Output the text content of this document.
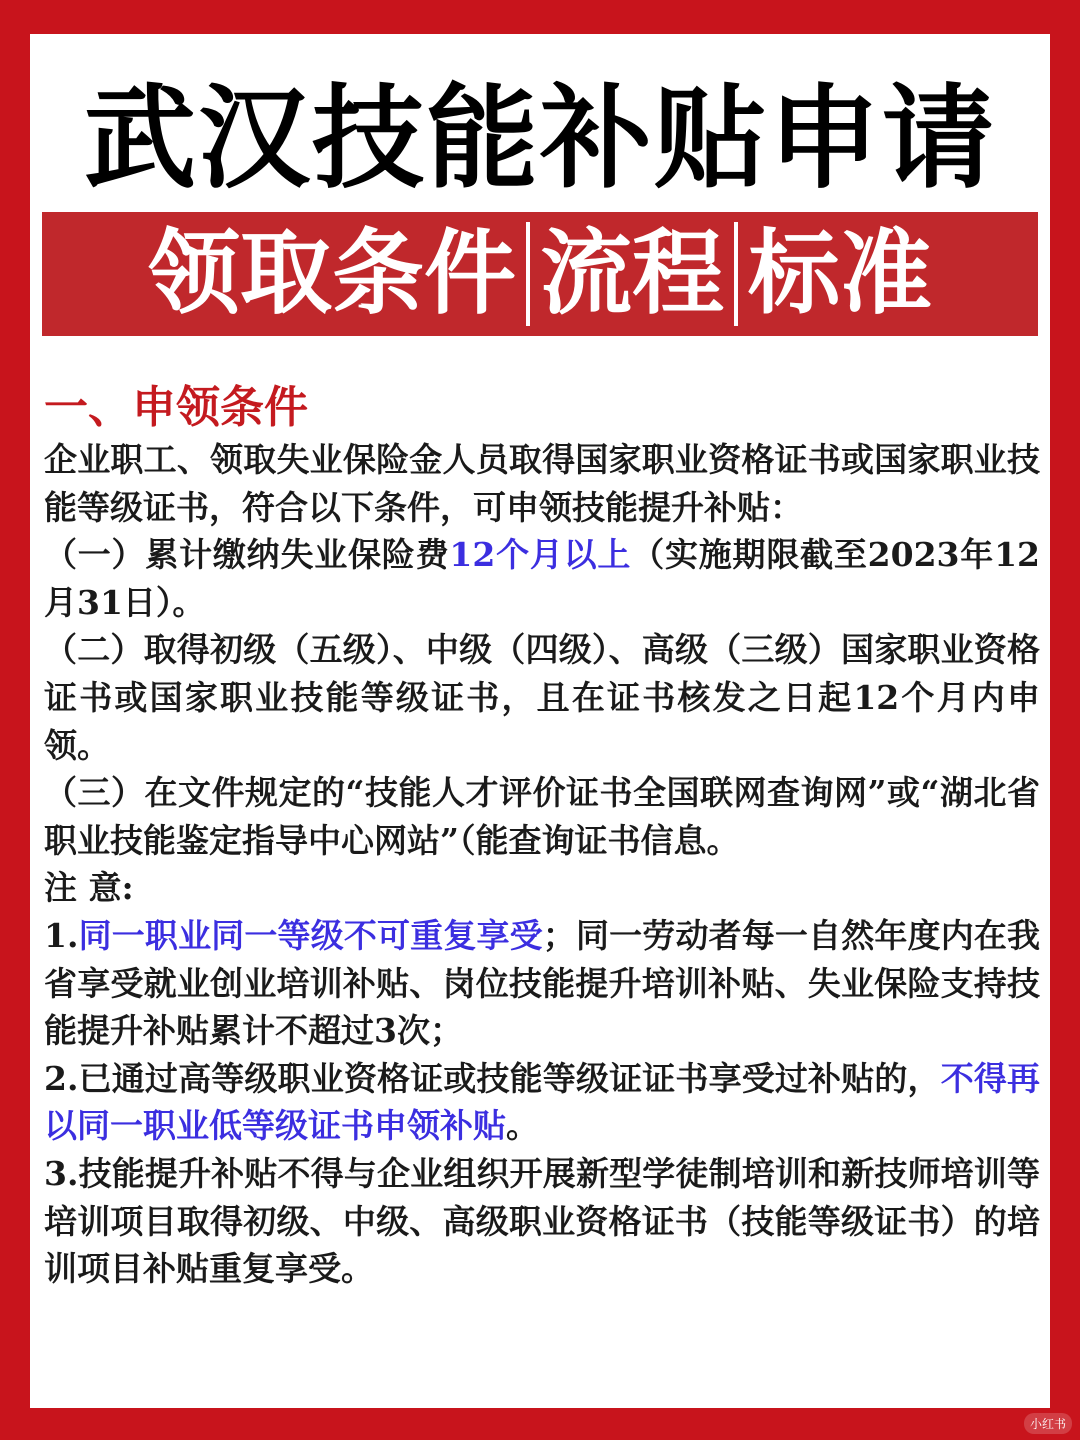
武汉技能补贴申请
领取条件 流程 标准
一、申领条件

企业职工、领取失业保险金人员取得国家职业资格证书或国家职业技能等级证书，符合以下条件，可申领技能提升补贴：

（一）累计缴纳失业保险费12个月以上（实施期限截至2023年12月31日）。

（二）取得初级（五级）、中级（四级）、高级（三级）国家职业资格证书或国家职业技能等级证书，且在证书核发之日起12个月内申领。

（三）在文件规定的“技能人才评价证书全国联网查询网”或“湖北省职业技能鉴定指导中心网站”（能查询证书信息。

注 意:

1.同一职业同一等级不可重复享受；同一劳动者每一自然年度内在我省享受就业创业培训补贴、岗位技能提升培训补贴、失业保险支持技能提升补贴累计不超过3次；

2.已通过高等级职业资格证或技能等级证证书享受过补贴的，不得再以同一职业低等级证书申领补贴。

3.技能提升补贴不得与企业组织开展新型学徒制培训和新技师培训等培训项目取得初级、中级、高级职业资格证书（技能等级证书）的培训项目补贴重复享受。

小红书
